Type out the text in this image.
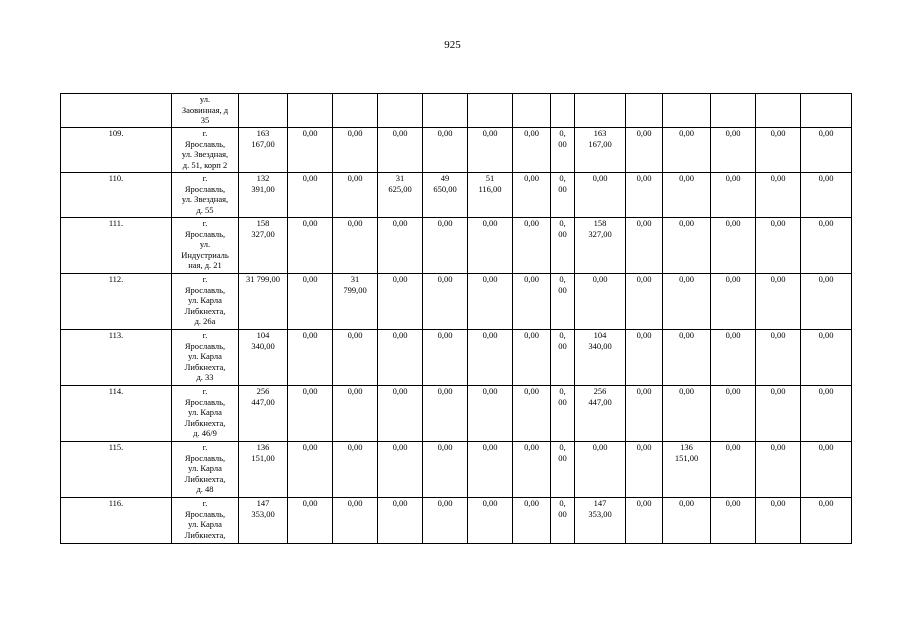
925
	ул.
Заовинная, д
35								

109.	г.
Ярославль,
ул. Звездная,
д. 51, корп 2	163
167,00	0,00	0,00	0,00	0,00	0,00	0,00	0,
00	163
167,00	0,00	0,00	0,00	0,00	0,00
110.	г.
Ярославль,
ул. Звездная,
д. 55	132
391,00	0,00	0,00	31
625,00	49
650,00	51
116,00	0,00	0,
00	0,00	0,00	0,00	0,00	0,00	0,00
111.	г.
Ярославль,
ул.
Индустриаль
ная, д. 21	158
327,00	0,00	0,00	0,00	0,00	0,00	0,00	0,
00	158
327,00	0,00	0,00	0,00	0,00	0,00
112.	г.
Ярославль,
ул. Карла
Либкнехта,
д. 26а	31 799,00	0,00	31
799,00	0,00	0,00	0,00	0,00	0,
00	0,00	0,00	0,00	0,00	0,00	0,00
113.	г.
Ярославль,
ул. Карла
Либкнехта,
д. 33	104
340,00	0,00	0,00	0,00	0,00	0,00	0,00	0,
00	104
340,00	0,00	0,00	0,00	0,00	0,00
114.	г.
Ярославль,
ул. Карла
Либкнехта,
д. 46/9	256
447,00	0,00	0,00	0,00	0,00	0,00	0,00	0,
00	256
447,00	0,00	0,00	0,00	0,00	0,00
115.	г.
Ярославль,
ул. Карла
Либкнехта,
д. 48	136
151,00	0,00	0,00	0,00	0,00	0,00	0,00	0,
00	0,00	0,00	136
151,00	0,00	0,00	0,00
116.	г.
Ярославль,
ул. Карла
Либкнехта,	147
353,00	0,00	0,00	0,00	0,00	0,00	0,00	0,
00	147
353,00	0,00	0,00	0,00	0,00	0,00
